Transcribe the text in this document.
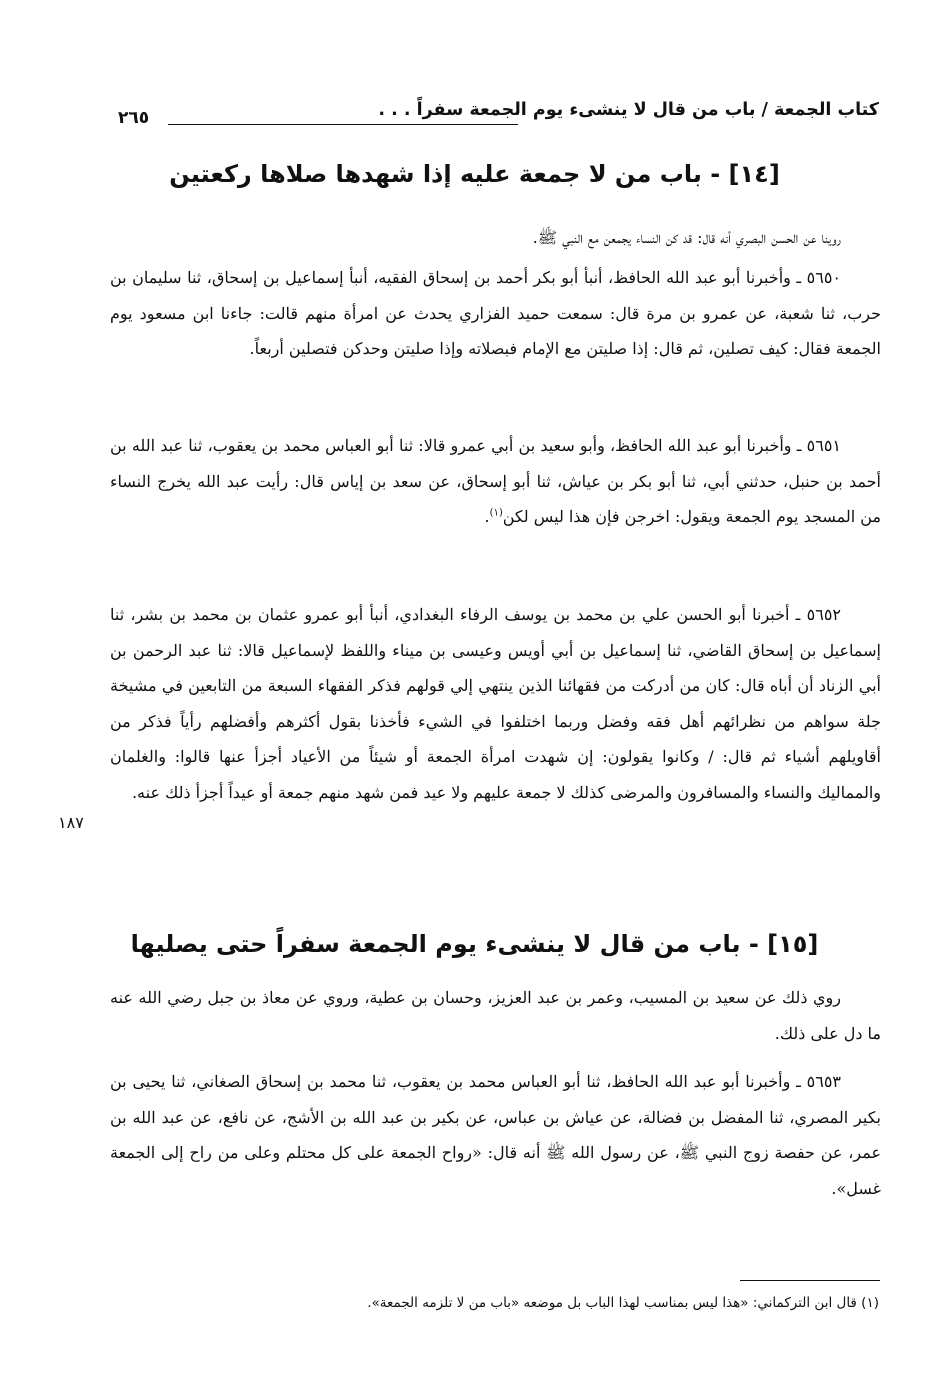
كتاب الجمعة / باب من قال لا ينشىء يوم الجمعة سفراً . . .
٢٦٥
[١٤] - باب من لا جمعة عليه إذا شهدها صلاها ركعتين

روينا عن الحسن البصري أنه قال: قد كن النساء يجمعن مع النبي ﷺ.

٥٦٥٠ ـ وأخبرنا أبو عبد الله الحافظ، أنبأ أبو بكر أحمد بن إسحاق الفقيه، أنبأ إسماعيل بن إسحاق، ثنا سليمان بن حرب، ثنا شعبة، عن عمرو بن مرة قال: سمعت حميد الفزاري يحدث عن امرأة منهم قالت: جاءنا ابن مسعود يوم الجمعة فقال: كيف تصلين، ثم قال: إذا صليتن مع الإمام فبصلاته وإذا صليتن وحدكن فتصلين أربعاً.

٥٦٥١ ـ وأخبرنا أبو عبد الله الحافظ، وأبو سعيد بن أبي عمرو قالا: ثنا أبو العباس محمد بن يعقوب، ثنا عبد الله بن أحمد بن حنبل، حدثني أبي، ثنا أبو بكر بن عياش، ثنا أبو إسحاق، عن سعد بن إياس قال: رأيت عبد الله يخرج النساء من المسجد يوم الجمعة ويقول: اخرجن فإن هذا ليس لكن$^{(١)}$.

٥٦٥٢ ـ أخبرنا أبو الحسن علي بن محمد بن يوسف الرفاء البغدادي، أنبأ أبو عمرو عثمان بن محمد بن بشر، ثنا إسماعيل بن إسحاق القاضي، ثنا إسماعيل بن أبي أويس وعيسى بن ميناء واللفظ لإسماعيل قالا: ثنا عبد الرحمن بن أبي الزناد أن أباه قال: كان من أدركت من فقهائنا الذين ينتهي إلي قولهم فذكر الفقهاء السبعة من التابعين في مشيخة جلة سواهم من نظرائهم أهل فقه وفضل وربما اختلفوا في الشيء فأخذنا بقول أكثرهم وأفضلهم رأياً فذكر من أقاويلهم أشياء ثم قال: / وكانوا يقولون: إن شهدت امرأة الجمعة أو شيئاً من الأعياد أجزأ عنها قالوا: والغلمان والمماليك والنساء والمسافرون والمرضى كذلك لا جمعة عليهم ولا عيد فمن شهد منهم جمعة أو عيداً أجزأ ذلك عنه.

١٨٧
[١٥] - باب من قال لا ينشىء يوم الجمعة سفراً حتى يصليها

روي ذلك عن سعيد بن المسيب، وعمر بن عبد العزيز، وحسان بن عطية، وروي عن معاذ بن جبل رضي الله عنه ما دل على ذلك.

٥٦٥٣ ـ وأخبرنا أبو عبد الله الحافظ، ثنا أبو العباس محمد بن يعقوب، ثنا محمد بن إسحاق الصغاني، ثنا يحيى بن بكير المصري، ثنا المفضل بن فضالة، عن عياش بن عباس، عن بكير بن عبد الله بن الأشج، عن نافع، عن عبد الله بن عمر، عن حفصة زوج النبي ﷺ، عن رسول الله ﷺ أنه قال: «رواح الجمعة على كل محتلم وعلى من راح إلى الجمعة غسل».

(١) قال ابن التركماني: «هذا ليس بمناسب لهذا الباب بل موضعه «باب من لا تلزمه الجمعة».
